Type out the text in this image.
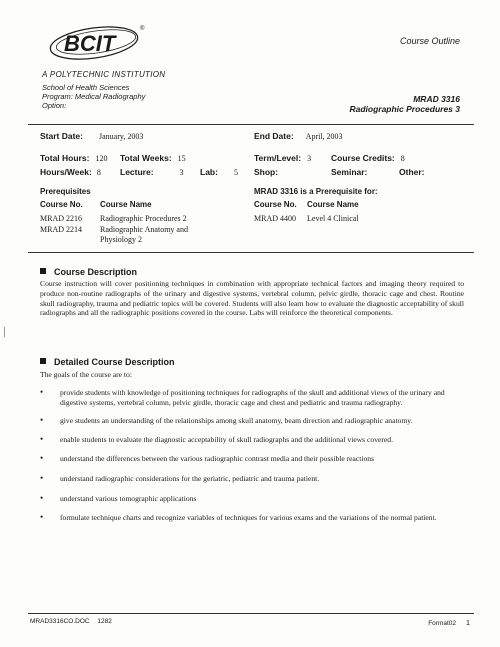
BCIT
®
A POLYTECHNIC INSTITUTION
School of Health Sciences
Program: Medical Radiography
Option:
Course Outline
MRAD 3316
Radiographic Procedures 3
Start Date: January, 2003	End Date: April, 2003
Total Hours: 120 Total Weeks: 15	Term/Level: 3 Course Credits: 8
Hours/Week: 8 Lecture:	3 Lab: 5 Shop:	Seminar:	Other:
Prerequisites
Course No. Course Name
MRAD 2216 Radiographic Procedures 2
MRAD 2214 Radiographic Anatomy and
Physiology 2
MRAD 3316 is a Prerequisite for:
Course No. Course Name
MRAD 4400 Level 4 Clinical
Course Description
Course instruction will cover positioning techniques in combination with appropriate technical factors and imaging theory required to produce non-routine radiographs of the urinary and digestive systems, vertebral column, pelvic girdle, thoracic cage and chest. Routine skull radiography, trauma and pediatric topics will be covered. Students will also learn how to evaluate the diagnostic acceptability of skull radiographs and all the radiographic positions covered in the course. Labs will reinforce the theoretical components.
Detailed Course Description
The goals of the course are to:
• provide students with knowledge of positioning techniques for radiographs of the skull and additional views of the urinary and digestive systems, vertebral column, pelvic girdle, thoracic cage and chest and pediatric and trauma radiography.
• give students an understanding of the relationships among skull anatomy, beam direction and radiographic anatomy.
• enable students to evaluate the diagnostic acceptability of skull radiographs and the additional views covered.
• understand the differences between the various radiographic contrast media and their possible reactions
• understand radiographic considerations for the geriatric, pediatric and trauma patient.
• understand various tomographic applications
• formulate technique charts and recognize variables of techniques for various exams and the variations of the normal patient.
MRAD3316CO.DOC 1282	Format02 1
